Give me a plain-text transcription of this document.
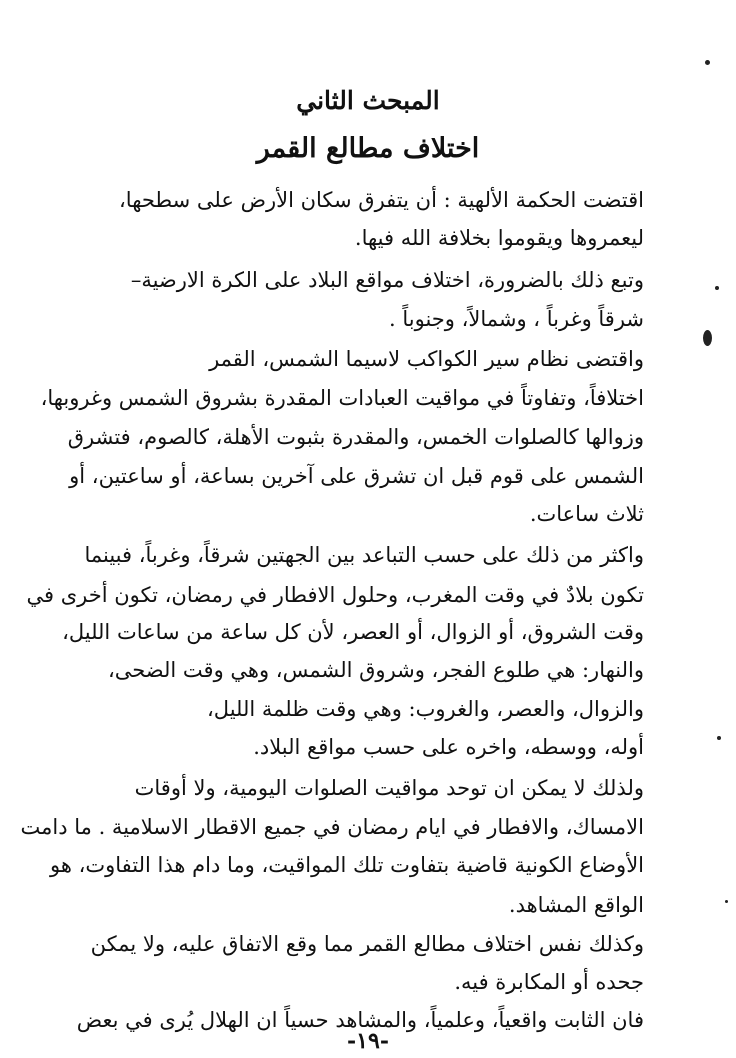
المبحث الثاني
اختلاف مطالع القمر
اقتضت الحكمة الألهية : أن يتفرق سكان الأرض على سطحها،
ليعمروها ويقوموا بخلافة الله فيها.
وتبع ذلك بالضرورة، اختلاف مواقع البلاد على الكرة الارضية–
شرقاً وغرباً ، وشمالاً، وجنوباً .
واقتضى نظام سير الكواكب لاسيما الشمس، القمر
اختلافاً، وتفاوتاً في مواقيت العبادات المقدرة بشروق الشمس وغروبها،
وزوالها كالصلوات الخمس، والمقدرة بثبوت الأهلة، كالصوم، فتشرق
الشمس على قوم قبل ان تشرق على آخرين بساعة، أو ساعتين، أو
ثلاث ساعات.
واكثر من ذلك على حسب التباعد بين الجهتين شرقاً، وغرباً، فبينما
تكون بلادٌ في وقت المغرب، وحلول الافطار في رمضان، تكون أخرى في
وقت الشروق، أو الزوال، أو العصر، لأن كل ساعة من ساعات الليل،
والنهار: هي طلوع الفجر، وشروق الشمس، وهي وقت الضحى،
والزوال، والعصر، والغروب: وهي وقت ظلمة الليل،
أوله، ووسطه، واخره على حسب مواقع البلاد.
ولذلك لا يمكن ان توحد مواقيت الصلوات اليومية، ولا أوقات
الامساك، والافطار في ايام رمضان في جميع الاقطار الاسلامية . ما دامت
الأوضاع الكونية قاضية بتفاوت تلك المواقيت، وما دام هذا التفاوت، هو
الواقع المشاهد.
وكذلك نفس اختلاف مطالع القمر مما وقع الاتفاق عليه، ولا يمكن
جحده أو المكابرة فيه.
فان الثابت واقعياً، وعلمياً، والمشاهد حسياً ان الهلال يُرى في بعض
-١٩-
